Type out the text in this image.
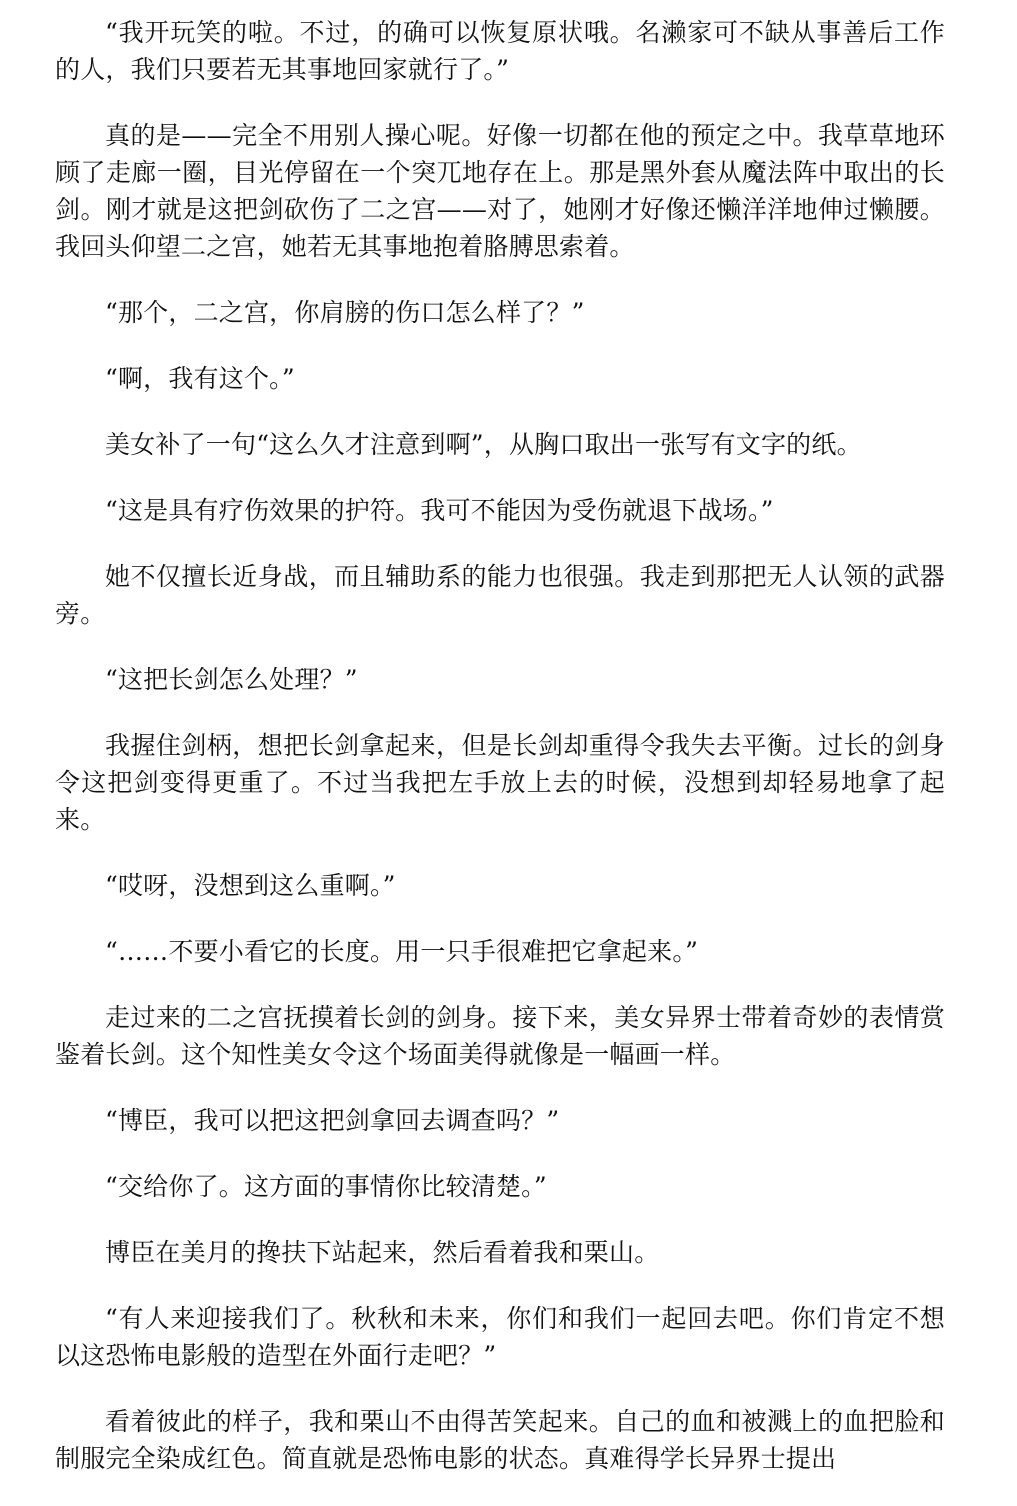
“我开玩笑的啦。不过，的确可以恢复原状哦。名濑家可不缺从事善后工作的人，我们只要若无其事地回家就行了。”

真的是——完全不用别人操心呢。好像一切都在他的预定之中。我草草地环顾了走廊一圈，目光停留在一个突兀地存在上。那是黑外套从魔法阵中取出的长剑。刚才就是这把剑砍伤了二之宫——对了，她刚才好像还懒洋洋地伸过懒腰。我回头仰望二之宫，她若无其事地抱着胳膊思索着。

“那个，二之宫，你肩膀的伤口怎么样了？”

“啊，我有这个。”

美女补了一句“这么久才注意到啊”，从胸口取出一张写有文字的纸。

“这是具有疗伤效果的护符。我可不能因为受伤就退下战场。”

她不仅擅长近身战，而且辅助系的能力也很强。我走到那把无人认领的武器旁。

“这把长剑怎么处理？”

我握住剑柄，想把长剑拿起来，但是长剑却重得令我失去平衡。过长的剑身令这把剑变得更重了。不过当我把左手放上去的时候，没想到却轻易地拿了起来。

“哎呀，没想到这么重啊。”

“……不要小看它的长度。用一只手很难把它拿起来。”

走过来的二之宫抚摸着长剑的剑身。接下来，美女异界士带着奇妙的表情赏鉴着长剑。这个知性美女令这个场面美得就像是一幅画一样。

“博臣，我可以把这把剑拿回去调查吗？”

“交给你了。这方面的事情你比较清楚。”

博臣在美月的搀扶下站起来，然后看着我和栗山。

“有人来迎接我们了。秋秋和未来，你们和我们一起回去吧。你们肯定不想以这恐怖电影般的造型在外面行走吧？”

看着彼此的样子，我和栗山不由得苦笑起来。自己的血和被溅上的血把脸和制服完全染成红色。简直就是恐怖电影的状态。真难得学长异界士提出
